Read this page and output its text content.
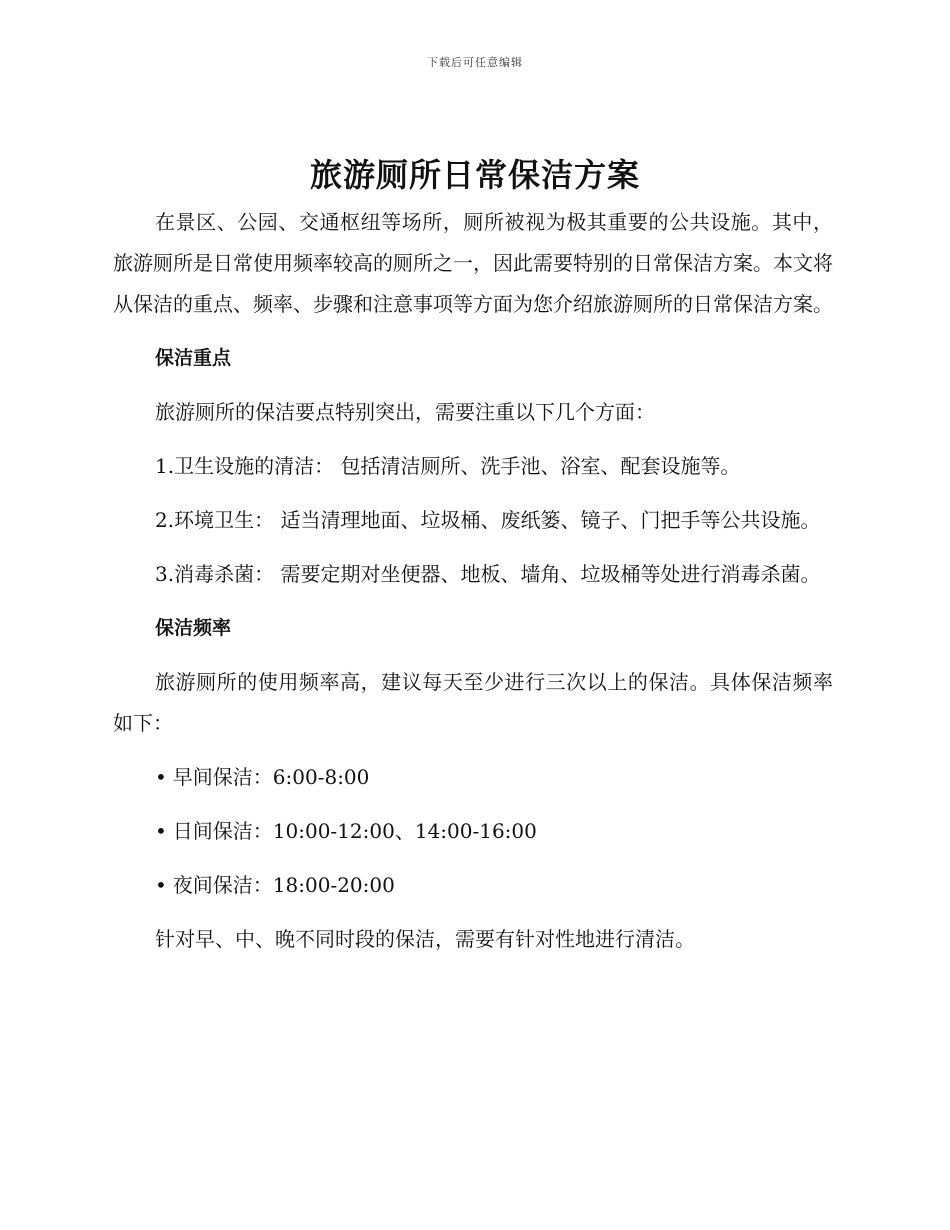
下载后可任意编辑
旅游厕所日常保洁方案

在景区、公园、交通枢纽等场所，厕所被视为极其重要的公共设施。其中，旅游厕所是日常使用频率较高的厕所之一，因此需要特别的日常保洁方案。本文将从保洁的重点、频率、步骤和注意事项等方面为您介绍旅游厕所的日常保洁方案。

保洁重点

旅游厕所的保洁要点特别突出，需要注重以下几个方面：

1.卫生设施的清洁： 包括清洁厕所、洗手池、浴室、配套设施等。

2.环境卫生： 适当清理地面、垃圾桶、废纸篓、镜子、门把手等公共设施。

3.消毒杀菌： 需要定期对坐便器、地板、墙角、垃圾桶等处进行消毒杀菌。

保洁频率

旅游厕所的使用频率高，建议每天至少进行三次以上的保洁。具体保洁频率如下：

• 早间保洁：6:00-8:00

• 日间保洁：10:00-12:00、14:00-16:00

• 夜间保洁：18:00-20:00

针对早、中、晚不同时段的保洁，需要有针对性地进行清洁。
